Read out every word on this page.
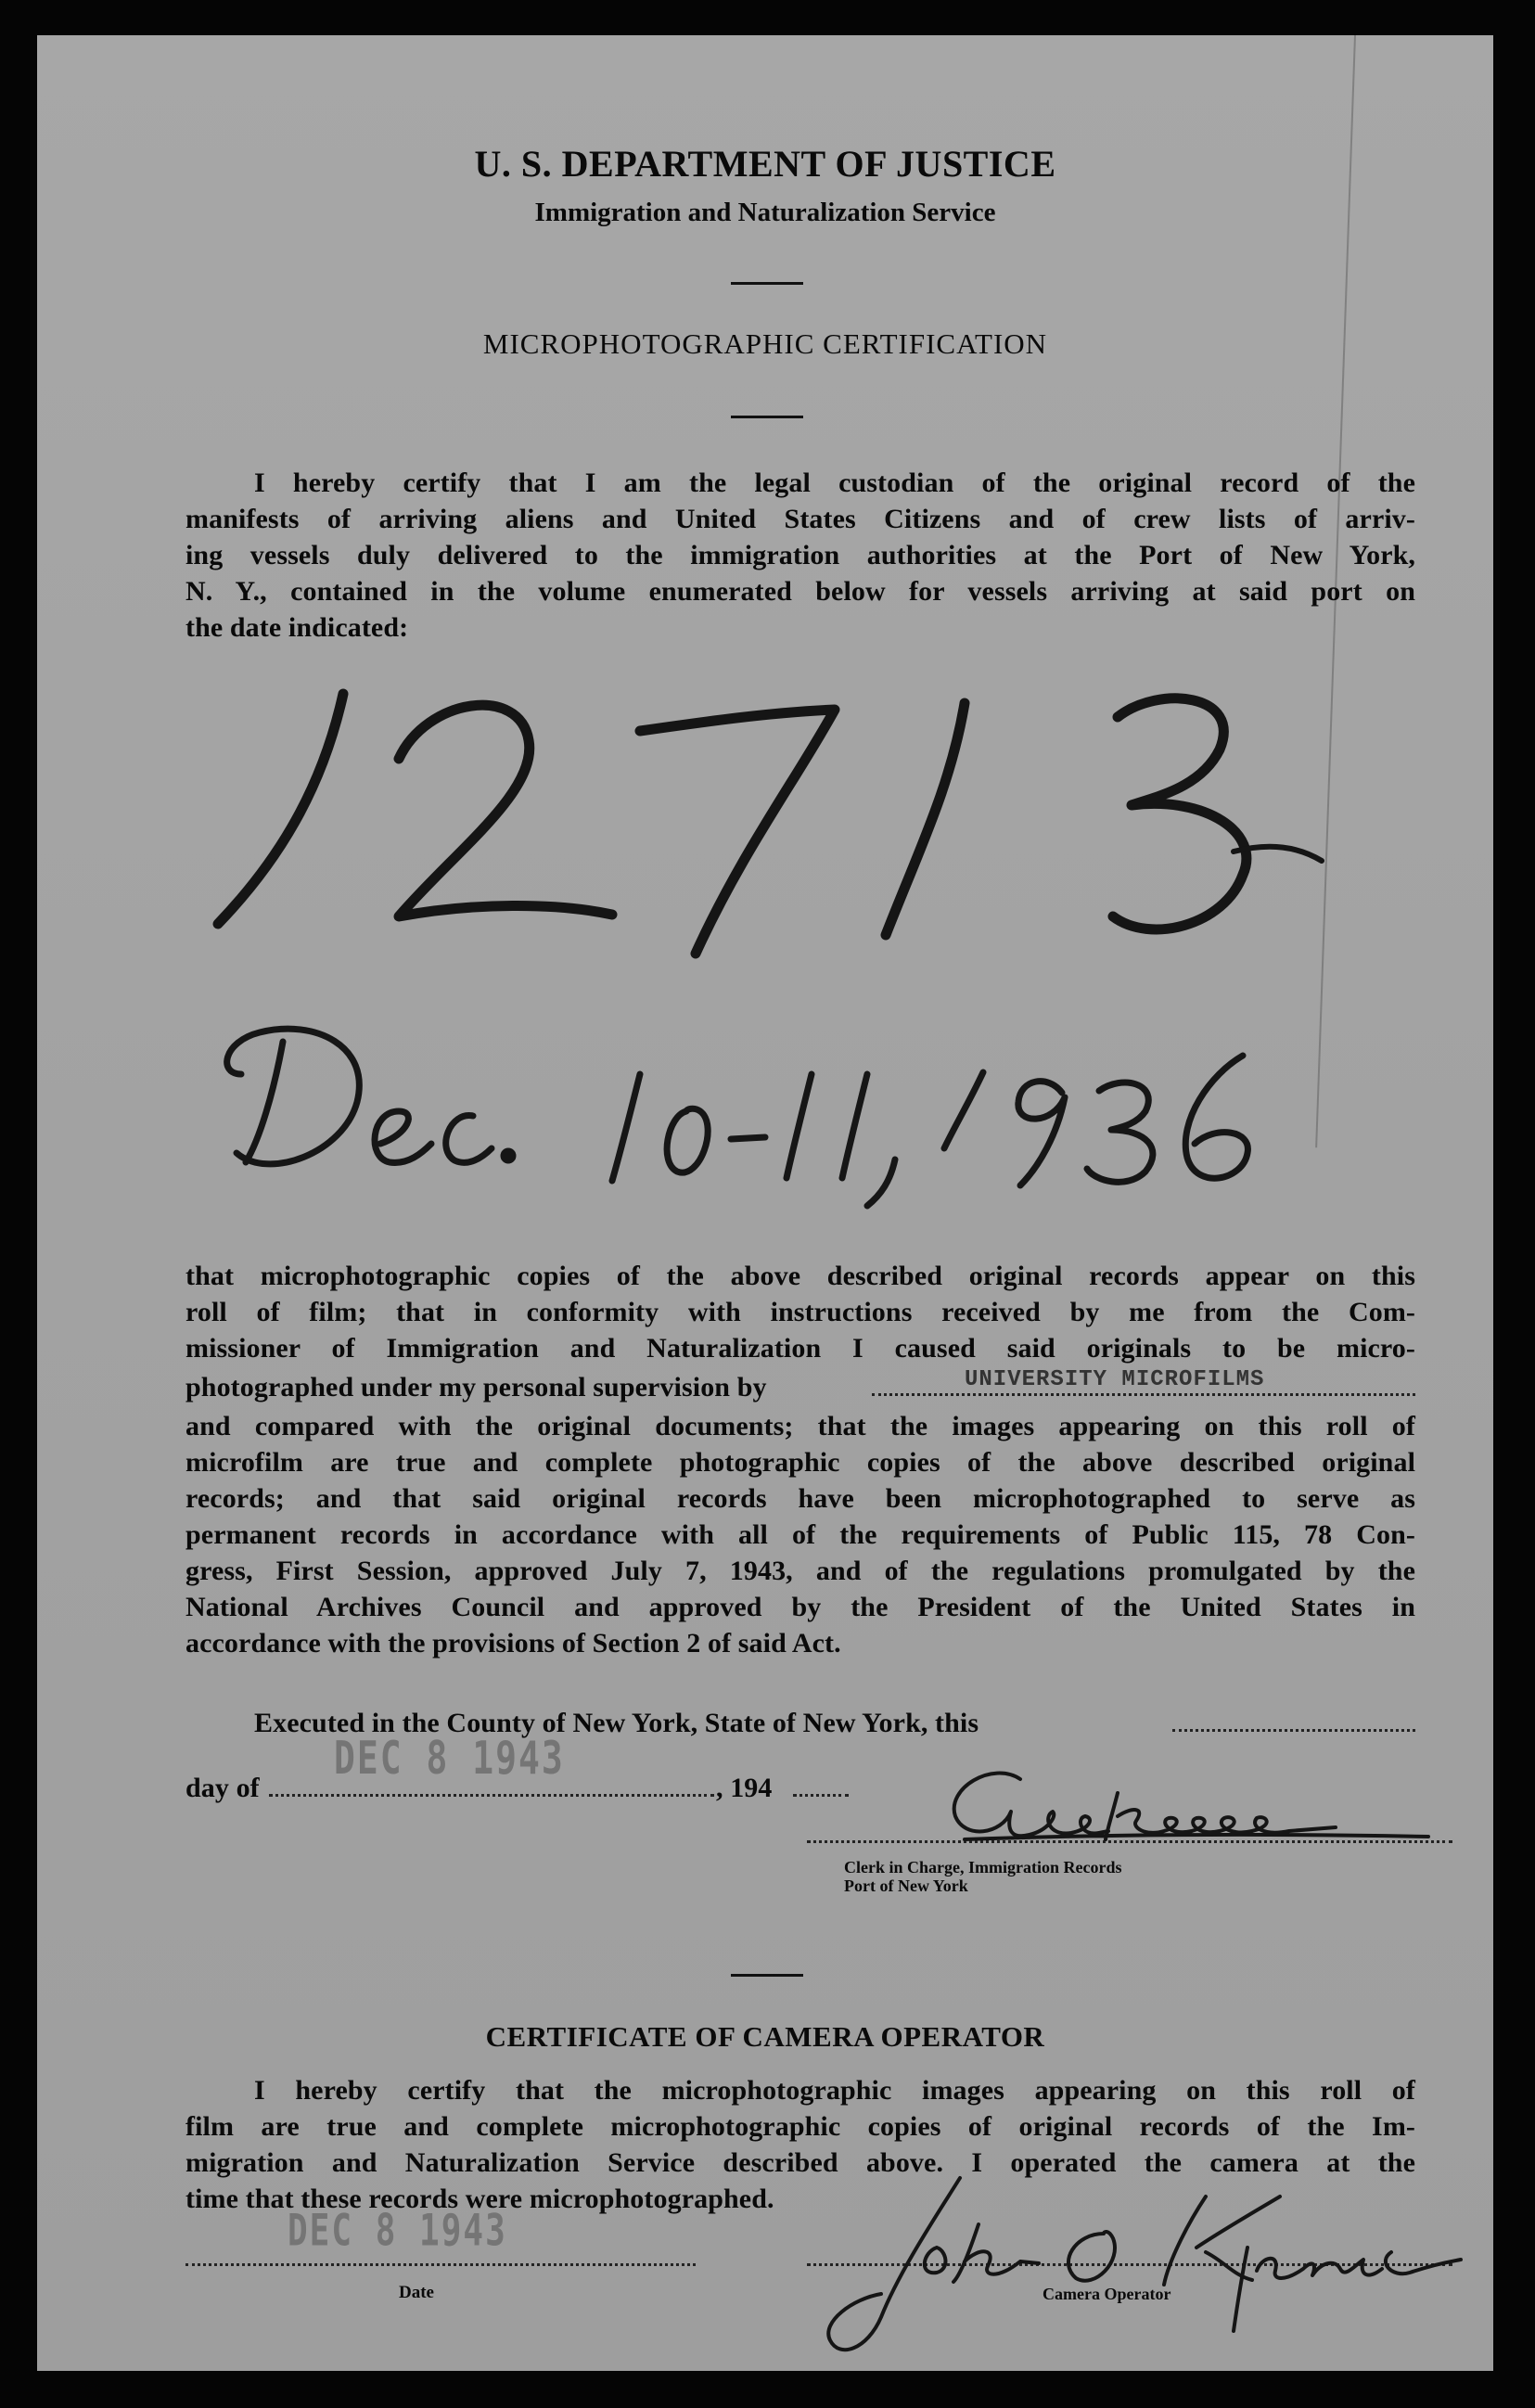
U. S. DEPARTMENT OF JUSTICE
Immigration and Naturalization Service
MICROPHOTOGRAPHIC CERTIFICATION
I hereby certify that I am the legal custodian of the original record of the
manifests of arriving aliens and United States Citizens and of crew lists of arriv-
ing vessels duly delivered to the immigration authorities at the Port of New York,
N. Y., contained in the volume enumerated below for vessels arriving at said port on
the date indicated:
that microphotographic copies of the above described original records appear on this
roll of film; that in conformity with instructions received by me from the Com-
missioner of Immigration and Naturalization I caused said originals to be micro-
photographed under my personal supervision by	UNIVERSITY MICROFILMS
and compared with the original documents; that the images appearing on this roll of
microfilm are true and complete photographic copies of the above described original
records; and that said original records have been microphotographed to serve as
permanent records in accordance with all of the requirements of Public 115, 78 Con-
gress, First Session, approved July 7, 1943, and of the regulations promulgated by the
National Archives Council and approved by the President of the United States in
accordance with the provisions of Section 2 of said Act.
Executed in the County of New York, State of New York, this
day of	, 194
DEC 8 1943
Clerk in Charge, Immigration Records
Port of New York
CERTIFICATE OF CAMERA OPERATOR
I hereby certify that the microphotographic images appearing on this roll of
film are true and complete microphotographic copies of original records of the Im-
migration and Naturalization Service described above. I operated the camera at the
time that these records were microphotographed.
DEC 8 1943
Date	Camera Operator
